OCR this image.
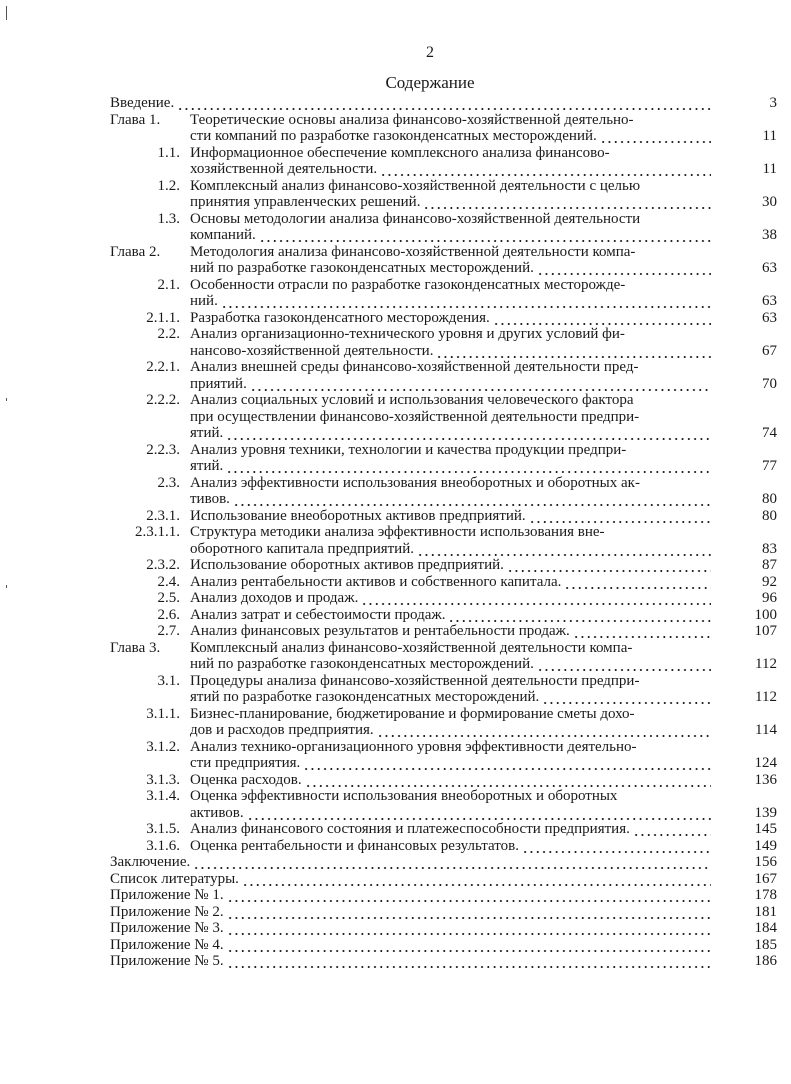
2
Содержание
Введение.	3
Глава 1.	Теоретические основы анализа финансово-хозяйственной деятельно-
сти компаний по разработке газоконденсатных месторождений.	11
1.1. Информационное обеспечение комплексного анализа финансово-
хозяйственной деятельности.	11
1.2. Комплексный анализ финансово-хозяйственной деятельности с целью
принятия управленческих решений.	30
1.3. Основы методологии анализа финансово-хозяйственной деятельности
компаний.	38
Глава 2.	Методология анализа финансово-хозяйственной деятельности компа-
ний по разработке газоконденсатных месторождений.	63
2.1. Особенности отрасли по разработке газоконденсатных месторожде-
ний.	63
2.1.1. Разработка газоконденсатного месторождения.	63
2.2. Анализ организационно-технического уровня и других условий фи-
нансово-хозяйственной деятельности.	67
2.2.1. Анализ внешней среды финансово-хозяйственной деятельности пред-
приятий.	70
2.2.2. Анализ социальных условий и использования человеческого фактора
при осуществлении финансово-хозяйственной деятельности предпри-
ятий.	74
2.2.3. Анализ уровня техники, технологии и качества продукции предпри-
ятий.	77
2.3. Анализ эффективности использования внеоборотных и оборотных ак-
тивов.	80
2.3.1. Использование внеоборотных активов предприятий.	80
2.3.1.1. Структура методики анализа эффективности использования вне-
оборотного капитала предприятий.	83
2.3.2. Использование оборотных активов предприятий.	87
2.4. Анализ рентабельности активов и собственного капитала.	92
2.5. Анализ доходов и продаж.	96
2.6. Анализ затрат и себестоимости продаж.	100
2.7. Анализ финансовых результатов и рентабельности продаж.	107
Глава 3.	Комплексный анализ финансово-хозяйственной деятельности компа-
ний по разработке газоконденсатных месторождений.	112
3.1. Процедуры анализа финансово-хозяйственной деятельности предпри-
ятий по разработке газоконденсатных месторождений.	112
3.1.1. Бизнес-планирование, бюджетирование и формирование сметы дохо-
дов и расходов предприятия.	114
3.1.2. Анализ технико-организационного уровня эффективности деятельно-
сти предприятия.	124
3.1.3. Оценка расходов.	136
3.1.4. Оценка эффективности использования внеоборотных и оборотных
активов.	139
3.1.5. Анализ финансового состояния и платежеспособности предприятия.	145
3.1.6. Оценка рентабельности и финансовых результатов.	149
Заключение.	156
Список литературы.	167
Приложение № 1.	178
Приложение № 2.	181
Приложение № 3.	184
Приложение № 4.	185
Приложение № 5.	186
